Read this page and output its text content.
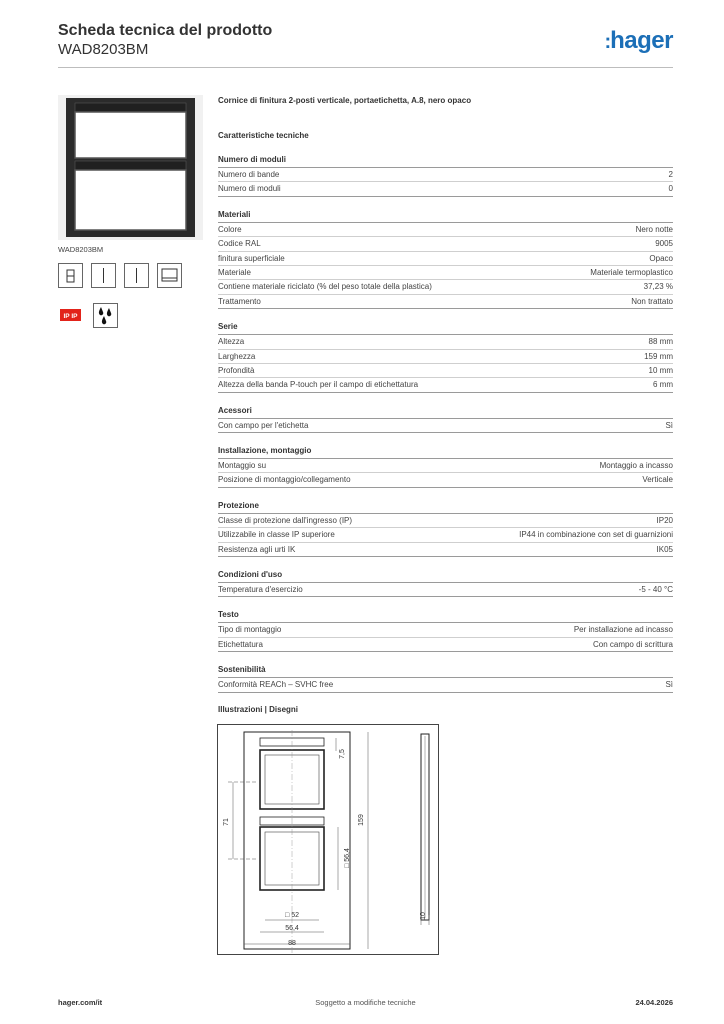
Scheda tecnica del prodotto
WAD8203BM	:hager
WAD8203BM
IP IP
Cornice di finitura 2-posti verticale, portaetichetta, A.8, nero opaco
Caratteristiche tecniche
Numero di moduli
Numero di bande	2
Numero di moduli	0
Materiali
Colore	Nero notte
Codice RAL	9005
finitura superficiale	Opaco
Materiale	Materiale termoplastico
Contiene materiale riciclato (% del peso totale della plastica)	37,23 %
Trattamento	Non trattato
Serie
Altezza	88 mm
Larghezza	159 mm
Profondità	10 mm
Altezza della banda P-touch per il campo di etichettatura	6 mm
Acessori
Con campo per l'etichetta	Sì
Installazione, montaggio
Montaggio su	Montaggio a incasso
Posizione di montaggio/collegamento	Verticale
Protezione
Classe di protezione dall'ingresso (IP)	IP20
Utilizzabile in classe IP superiore	IP44 in combinazione con set di guarnizioni
Resistenza agli urti IK	IK05
Condizioni d'uso
Temperatura d'esercizio	-5 - 40 °C
Testo
Tipo di montaggio	Per installazione ad incasso
Etichettatura	Con campo di scrittura
Sostenibilità
Conformità REACh – SVHC free	Sì
Illustrazioni | Disegni
71
7,5
159
□ 56,4
□ 52
56,4
88
10
hager.com/it	Soggetto a modifiche tecniche	24.04.2026
